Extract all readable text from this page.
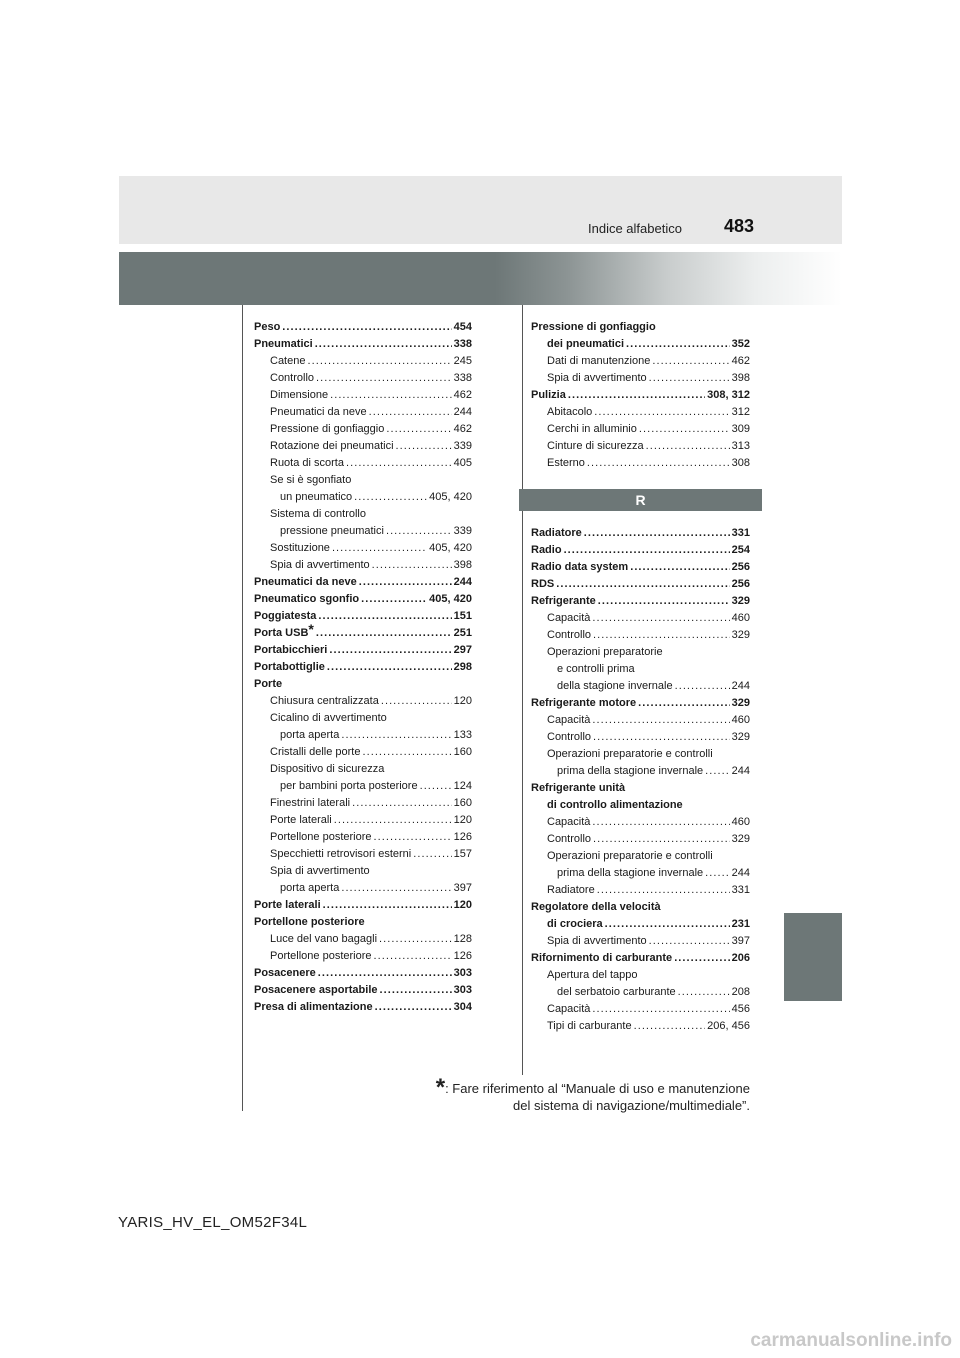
Indice alfabetico 483
Peso . . .	454
Pneumatici . . .	338
Catene . . .	245
Controllo . . .	338
Dimensione . . .	462
Pneumatici da neve . . .	244
Pressione di gonfiaggio . . .	462
Rotazione dei pneumatici . . .	339
Ruota di scorta . . .	405
Se si è sgonfiato
un pneumatico . . .	405, 420
Sistema di controllo
pressione pneumatici . . .	339
Sostituzione . . .	405, 420
Spia di avvertimento . . .	398
Pneumatici da neve . . .	244
Pneumatico sgonfio . . .	405, 420
Poggiatesta . . .	151
Porta USB* . . .	251
Portabicchieri . . .	297
Portabottiglie . . .	298
Porte
Chiusura centralizzata . . .	120
Cicalino di avvertimento
porta aperta . . .	133
Cristalli delle porte . . .	160
Dispositivo di sicurezza
per bambini porta posteriore . . .	124
Finestrini laterali . . .	160
Porte laterali . . .	120
Portellone posteriore . . .	126
Specchietti retrovisori esterni . . .	157
Spia di avvertimento
porta aperta . . .	397
Porte laterali . . .	120
Portellone posteriore
Luce del vano bagagli . . .	128
Portellone posteriore . . .	126
Posacenere . . .	303
Posacenere asportabile . . .	303
Presa di alimentazione . . .	304
Pressione di gonfiaggio
dei pneumatici . . .	352
Dati di manutenzione . . .	462
Spia di avvertimento . . .	398
Pulizia . . .	308, 312
Abitacolo . . .	312
Cerchi in alluminio . . .	309
Cinture di sicurezza . . .	313
Esterno . . .	308
R
Radiatore . . .	331
Radio . . .	254
Radio data system . . .	256
RDS . . .	256
Refrigerante . . .	329
Capacità . . .	460
Controllo . . .	329
Operazioni preparatorie
e controlli prima
della stagione invernale . . .	244
Refrigerante motore . . .	329
Capacità . . .	460
Controllo . . .	329
Operazioni preparatorie e controlli
prima della stagione invernale . . .	244
Refrigerante unità
di controllo alimentazione
Capacità . . .	460
Controllo . . .	329
Operazioni preparatorie e controlli
prima della stagione invernale . . .	244
Radiatore . . .	331
Regolatore della velocità
di crociera . . .	231
Spia di avvertimento . . .	397
Rifornimento di carburante . . .	206
Apertura del tappo
del serbatoio carburante . . .	208
Capacità . . .	456
Tipi di carburante . . .	206, 456
*: Fare riferimento al “Manuale di uso e manutenzione
del sistema di navigazione/multimediale”.
YARIS_HV_EL_OM52F34L
carmanualsonline.info
